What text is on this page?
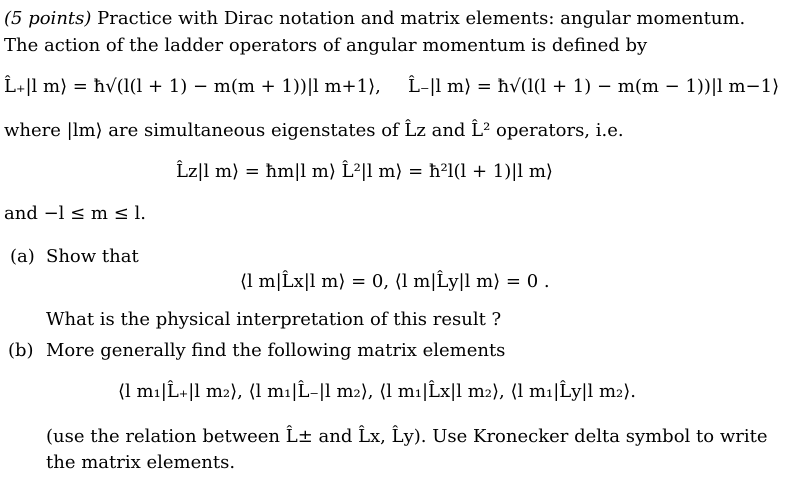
(5 points) Practice with Dirac notation and matrix elements: angular momentum.
The action of the ladder operators of angular momentum is defined by
L̂₊|l m⟩ = ħ√(l(l + 1) − m(m + 1))|l m+1⟩, L̂₋|l m⟩ = ħ√(l(l + 1) − m(m − 1))|l m−1⟩
where |lm⟩ are simultaneous eigenstates of L̂z and L̂² operators, i.e.
L̂z|l m⟩ = ħm|l m⟩ L̂²|l m⟩ = ħ²l(l + 1)|l m⟩
and −l ≤ m ≤ l.
(a) Show that
⟨l m|L̂x|l m⟩ = 0, ⟨l m|L̂y|l m⟩ = 0 .
What is the physical interpretation of this result ?
(b) More generally find the following matrix elements
⟨l m₁|L̂₊|l m₂⟩, ⟨l m₁|L̂₋|l m₂⟩, ⟨l m₁|L̂x|l m₂⟩, ⟨l m₁|L̂y|l m₂⟩.
(use the relation between L̂± and L̂x, L̂y). Use Kronecker delta symbol to write
the matrix elements.
